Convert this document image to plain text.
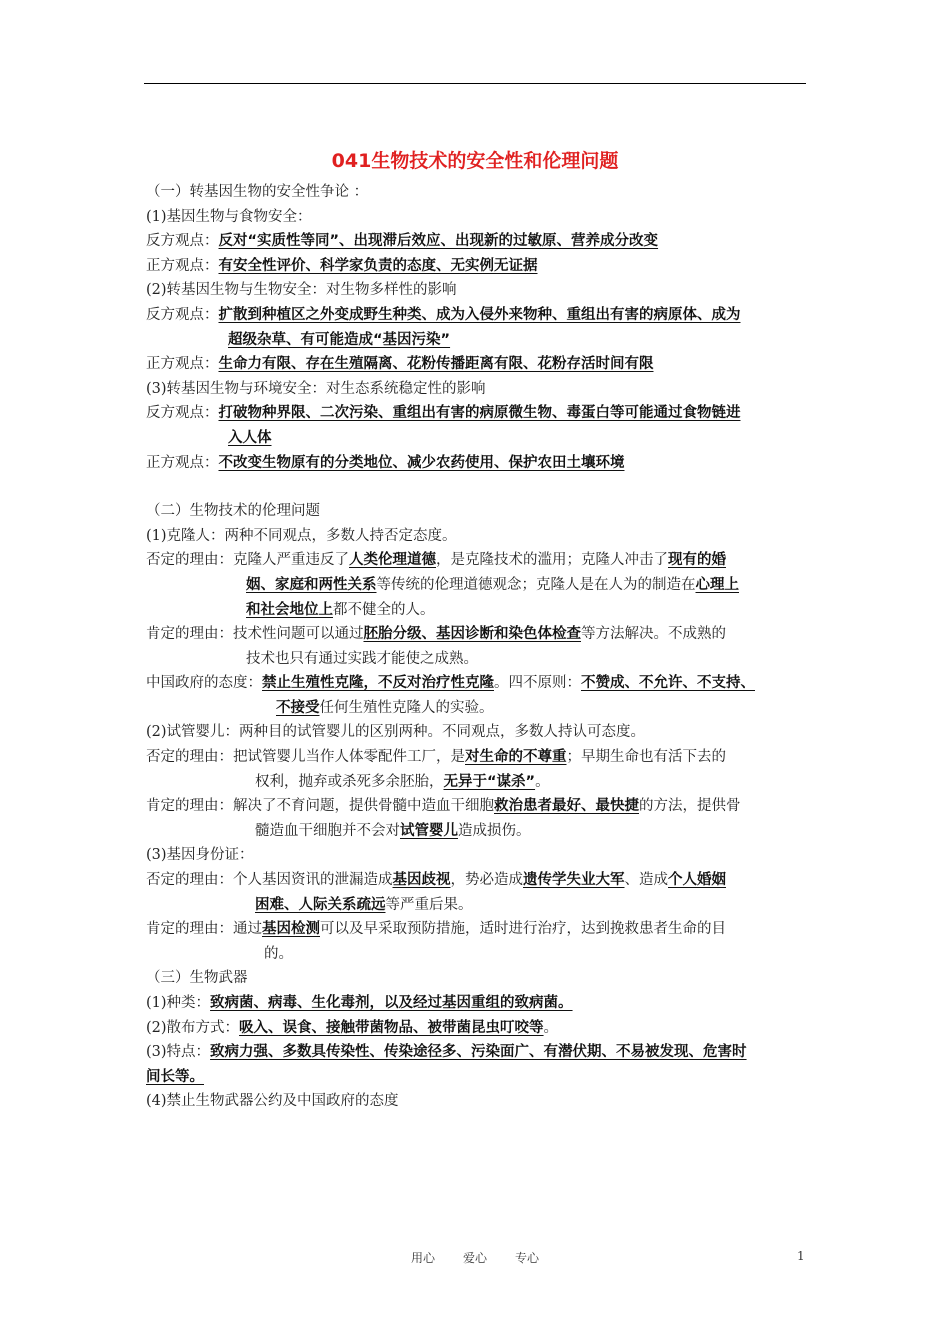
041生物技术的安全性和伦理问题
（一）转基因生物的安全性争论 ：
(1)基因生物与食物安全：
反方观点：反对“实质性等同”、出现滞后效应、出现新的过敏原、营养成分改变
正方观点：有安全性评价、科学家负责的态度、无实例无证据
(2)转基因生物与生物安全：对生物多样性的影响
反方观点：扩散到种植区之外变成野生种类、成为入侵外来物种、重组出有害的病原体、成为
超级杂草、有可能造成“基因污染”
正方观点：生命力有限、存在生殖隔离、花粉传播距离有限、花粉存活时间有限
(3)转基因生物与环境安全：对生态系统稳定性的影响
反方观点：打破物种界限、二次污染、重组出有害的病原微生物、毒蛋白等可能通过食物链进
入人体
正方观点：不改变生物原有的分类地位、减少农药使用、保护农田土壤环境
（二）生物技术的伦理问题
(1)克隆人：两种不同观点，多数人持否定态度。
否定的理由：克隆人严重违反了人类伦理道德，是克隆技术的滥用；克隆人冲击了现有的婚
姻、家庭和两性关系等传统的伦理道德观念；克隆人是在人为的制造在心理上
和社会地位上都不健全的人。
肯定的理由：技术性问题可以通过胚胎分级、基因诊断和染色体检查等方法解决。不成熟的
技术也只有通过实践才能使之成熟。
中国政府的态度：禁止生殖性克隆，不反对治疗性克隆。四不原则：不赞成、不允许、不支持、
不接受任何生殖性克隆人的实验。
(2)试管婴儿：两种目的试管婴儿的区别两种。不同观点，多数人持认可态度。
否定的理由：把试管婴儿当作人体零配件工厂，是对生命的不尊重；早期生命也有活下去的
权利，抛弃或杀死多余胚胎，无异于“谋杀”。
肯定的理由：解决了不育问题，提供骨髓中造血干细胞救治患者最好、最快捷的方法，提供骨
髓造血干细胞并不会对试管婴儿造成损伤。
(3)基因身份证：
否定的理由：个人基因资讯的泄漏造成基因歧视，势必造成遗传学失业大军、造成个人婚姻
困难、人际关系疏远等严重后果。
肯定的理由：通过基因检测可以及早采取预防措施，适时进行治疗，达到挽救患者生命的目
的。
（三）生物武器
(1)种类：致病菌、病毒、生化毒剂，以及经过基因重组的致病菌。
(2)散布方式：吸入、误食、接触带菌物品、被带菌昆虫叮咬等。
(3)特点：致病力强、多数具传染性、传染途径多、污染面广、有潜伏期、不易被发现、危害时
间长等。
(4)禁止生物武器公约及中国政府的态度
用心 爱心 专心	1
